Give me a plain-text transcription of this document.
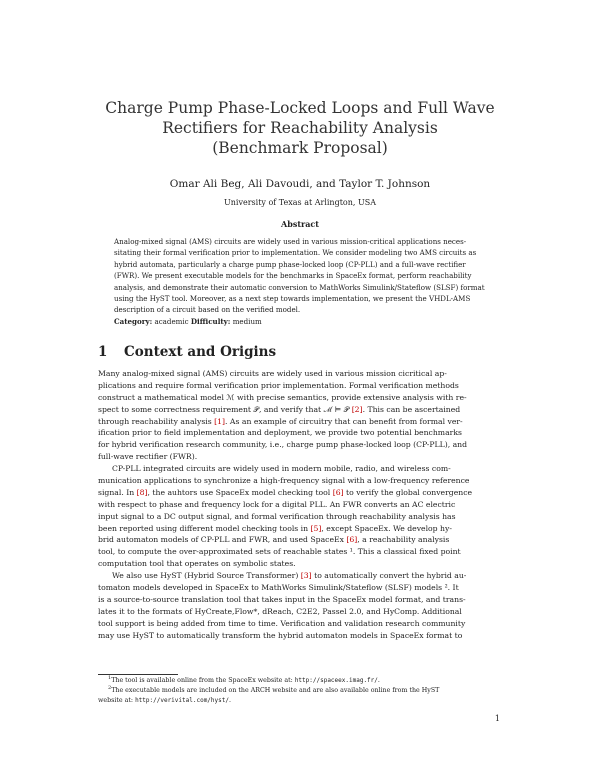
Charge Pump Phase-Locked Loops and Full Wave
Rectifiers for Reachability Analysis
(Benchmark Proposal)
Omar Ali Beg, Ali Davoudi, and Taylor T. Johnson
University of Texas at Arlington, USA
Abstract
Analog-mixed signal (AMS) circuits are widely used in various mission-critical applications neces-
sitating their formal verification prior to implementation. We consider modeling two AMS circuits as
hybrid automata, particularly a charge pump phase-locked loop (CP-PLL) and a full-wave rectifier
(FWR). We present executable models for the benchmarks in SpaceEx format, perform reachability
analysis, and demonstrate their automatic conversion to MathWorks Simulink/Stateflow (SLSF) format
using the HyST tool. Moreover, as a next step towards implementation, we present the VHDL-AMS
description of a circuit based on the verified model.
Category: academic Difficulty: medium
1 Context and Origins
Many analog-mixed signal (AMS) circuits are widely used in various mission cicritical ap-
plications and require formal verification prior implementation. Formal verification methods
construct a mathematical model ℳ with precise semantics, provide extensive analysis with re-
spect to some correctness requirement 𝒫, and verify that ℳ ⊨ 𝒫 [2]. This can be ascertained
through reachability analysis [1]. As an example of circuitry that can benefit from formal ver-
ification prior to field implementation and deployment, we provide two potential benchmarks
for hybrid verification research community, i.e., charge pump phase-locked loop (CP-PLL), and
full-wave rectifier (FWR).
CP-PLL integrated circuits are widely used in modern mobile, radio, and wireless com-
munication applications to synchronize a high-frequency signal with a low-frequency reference
signal. In [8], the auhtors use SpaceEx model checking tool [6] to verify the global convergence
with respect to phase and frequency lock for a digital PLL. An FWR converts an AC electric
input signal to a DC output signal, and formal verification through reachability analysis has
been reported using different model checking tools in [5], except SpaceEx. We develop hy-
brid automaton models of CP-PLL and FWR, and used SpaceEx [6], a reachability analysis
tool, to compute the over-approximated sets of reachable states ¹. This a classical fixed point
computation tool that operates on symbolic states.
We also use HyST (Hybrid Source Transformer) [3] to automatically convert the hybrid au-
tomaton models developed in SpaceEx to MathWorks Simulink/Stateflow (SLSF) models ². It
is a source-to-source translation tool that takes input in the SpaceEx model format, and trans-
lates it to the formats of HyCreate,Flow*, dReach, C2E2, Passel 2.0, and HyComp. Additional
tool support is being added from time to time. Verification and validation research community
may use HyST to automatically transform the hybrid automaton models in SpaceEx format to
$^1$The tool is available online from the SpaceEx website at: http://spaceex.imag.fr/.
$^2$The executable models are included on the ARCH website and are also available online from the HyST
website at: http://verivital.com/hyst/.
1
